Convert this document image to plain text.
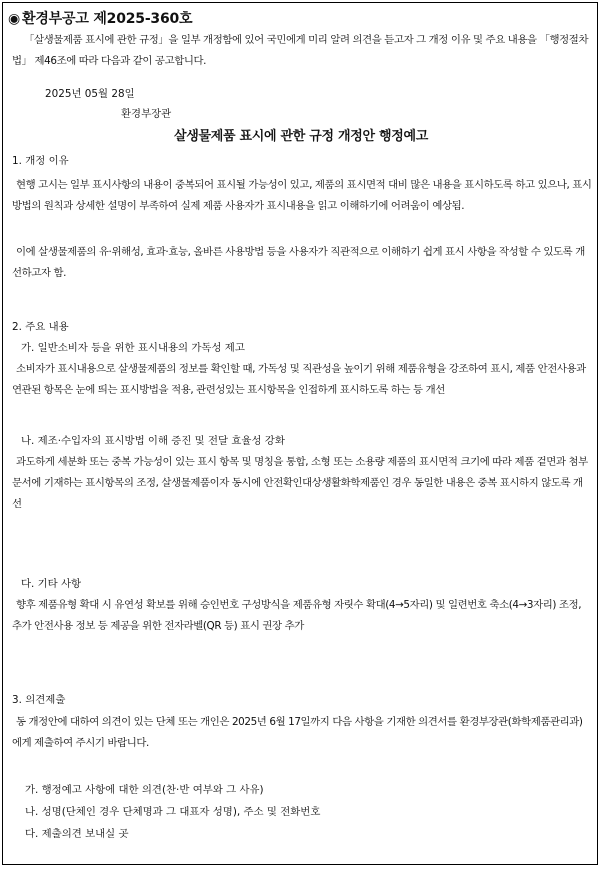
◉ 환경부공고 제2025-360호
「살생물제품 표시에 관한 규정」을 일부 개정함에 있어 국민에게 미리 알려 의견을 듣고자 그 개정 이유 및 주요 내용을 「행정절차법」 제46조에 따라 다음과 같이 공고합니다.
2025년 05월 28일
환경부장관
살생물제품 표시에 관한 규정 개정안 행정예고
1. 개정 이유
현행 고시는 일부 표시사항의 내용이 중복되어 표시될 가능성이 있고, 제품의 표시면적 대비 많은 내용을 표시하도록 하고 있으나, 표시방법의 원칙과 상세한 설명이 부족하여 실제 제품 사용자가 표시내용을 읽고 이해하기에 어려움이 예상됨.
이에 살생물제품의 유·위해성, 효과·효능, 올바른 사용방법 등을 사용자가 직관적으로 이해하기 쉽게 표시 사항을 작성할 수 있도록 개선하고자 함.
2. 주요 내용
가. 일반소비자 등을 위한 표시내용의 가독성 제고
소비자가 표시내용으로 살생물제품의 정보를 확인할 때, 가독성 및 직관성을 높이기 위해 제품유형을 강조하여 표시, 제품 안전사용과 연관된 항목은 눈에 띄는 표시방법을 적용, 관련성있는 표시항목을 인접하게 표시하도록 하는 등 개선
나. 제조·수입자의 표시방법 이해 증진 및 전달 효율성 강화
과도하게 세분화 또는 중복 가능성이 있는 표시 항목 및 명칭을 통합, 소형 또는 소용량 제품의 표시면적 크기에 따라 제품 겉면과 첨부문서에 기재하는 표시항목의 조정, 살생물제품이자 동시에 안전확인대상생활화학제품인 경우 동일한 내용은 중복 표시하지 않도록 개선
다. 기타 사항
향후 제품유형 확대 시 유연성 확보를 위해 승인번호 구성방식을 제품유형 자릿수 확대(4→5자리) 및 일련번호 축소(4→3자리) 조정, 추가 안전사용 정보 등 제공을 위한 전자라벨(QR 등) 표시 권장 추가
3. 의견제출
동 개정안에 대하여 의견이 있는 단체 또는 개인은 2025년 6월 17일까지 다음 사항을 기재한 의견서를 환경부장관(화학제품관리과)에게 제출하여 주시기 바랍니다.
가. 행정예고 사항에 대한 의견(찬·반 여부와 그 사유)
나. 성명(단체인 경우 단체명과 그 대표자 성명), 주소 및 전화번호
다. 제출의견 보내실 곳
